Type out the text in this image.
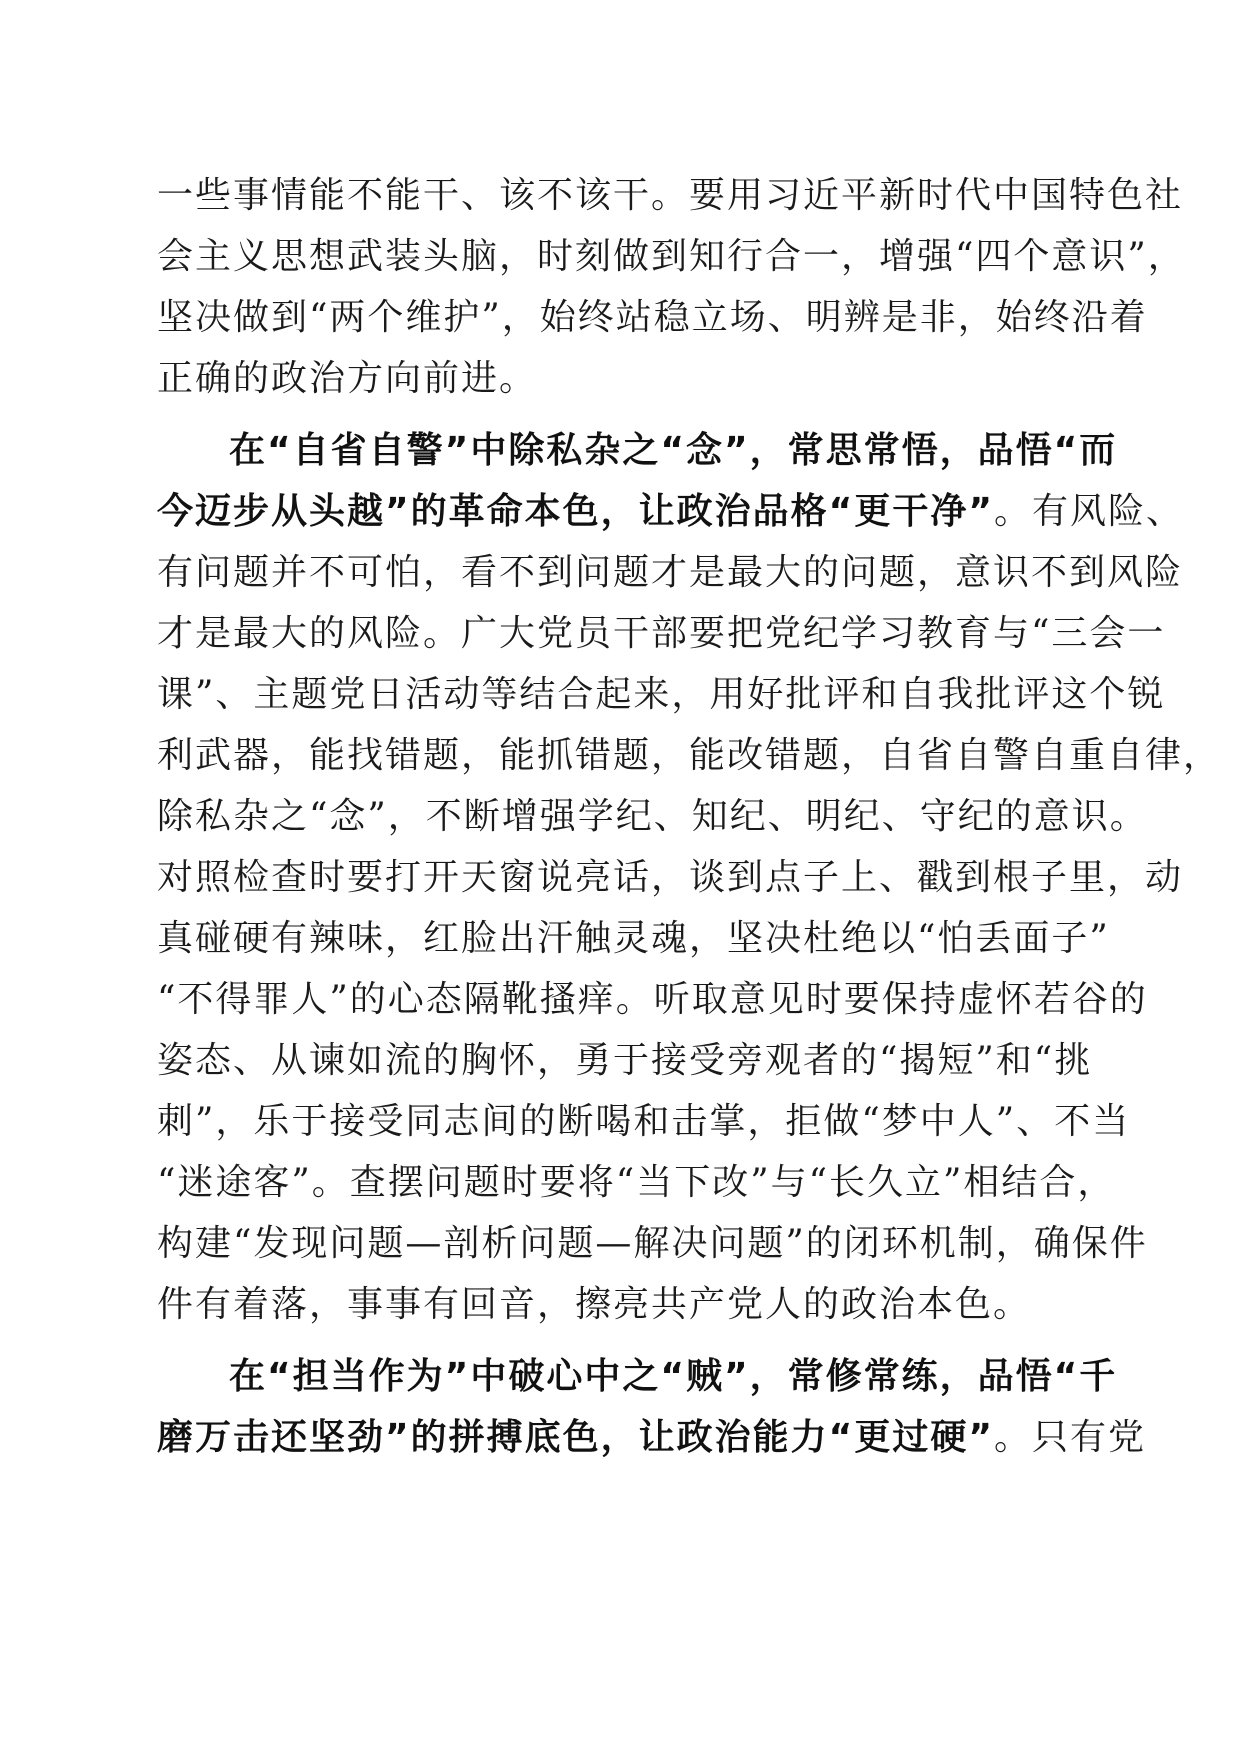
一些事情能不能干、该不该干。要用习近平新时代中国特色社
会主义思想武装头脑，时刻做到知行合一，增强“四个意识”，
坚决做到“两个维护”，始终站稳立场、明辨是非，始终沿着
正确的政治方向前进。
在“自省自警”中除私杂之“念”，常思常悟，品悟“而
今迈步从头越”的革命本色，让政治品格“更干净”。有风险、
有问题并不可怕，看不到问题才是最大的问题，意识不到风险
才是最大的风险。广大党员干部要把党纪学习教育与“三会一
课”、主题党日活动等结合起来，用好批评和自我批评这个锐
利武器，能找错题，能抓错题，能改错题，自省自警自重自律，
除私杂之“念”，不断增强学纪、知纪、明纪、守纪的意识。
对照检查时要打开天窗说亮话，谈到点子上、戳到根子里，动
真碰硬有辣味，红脸出汗触灵魂，坚决杜绝以“怕丢面子”
“不得罪人”的心态隔靴搔痒。听取意见时要保持虚怀若谷的
姿态、从谏如流的胸怀，勇于接受旁观者的“揭短”和“挑
刺”，乐于接受同志间的断喝和击掌，拒做“梦中人”、不当
“迷途客”。查摆问题时要将“当下改”与“长久立”相结合，
构建“发现问题—剖析问题—解决问题”的闭环机制，确保件
件有着落，事事有回音，擦亮共产党人的政治本色。
在“担当作为”中破心中之“贼”，常修常练，品悟“千
磨万击还坚劲”的拼搏底色，让政治能力“更过硬”。只有党
